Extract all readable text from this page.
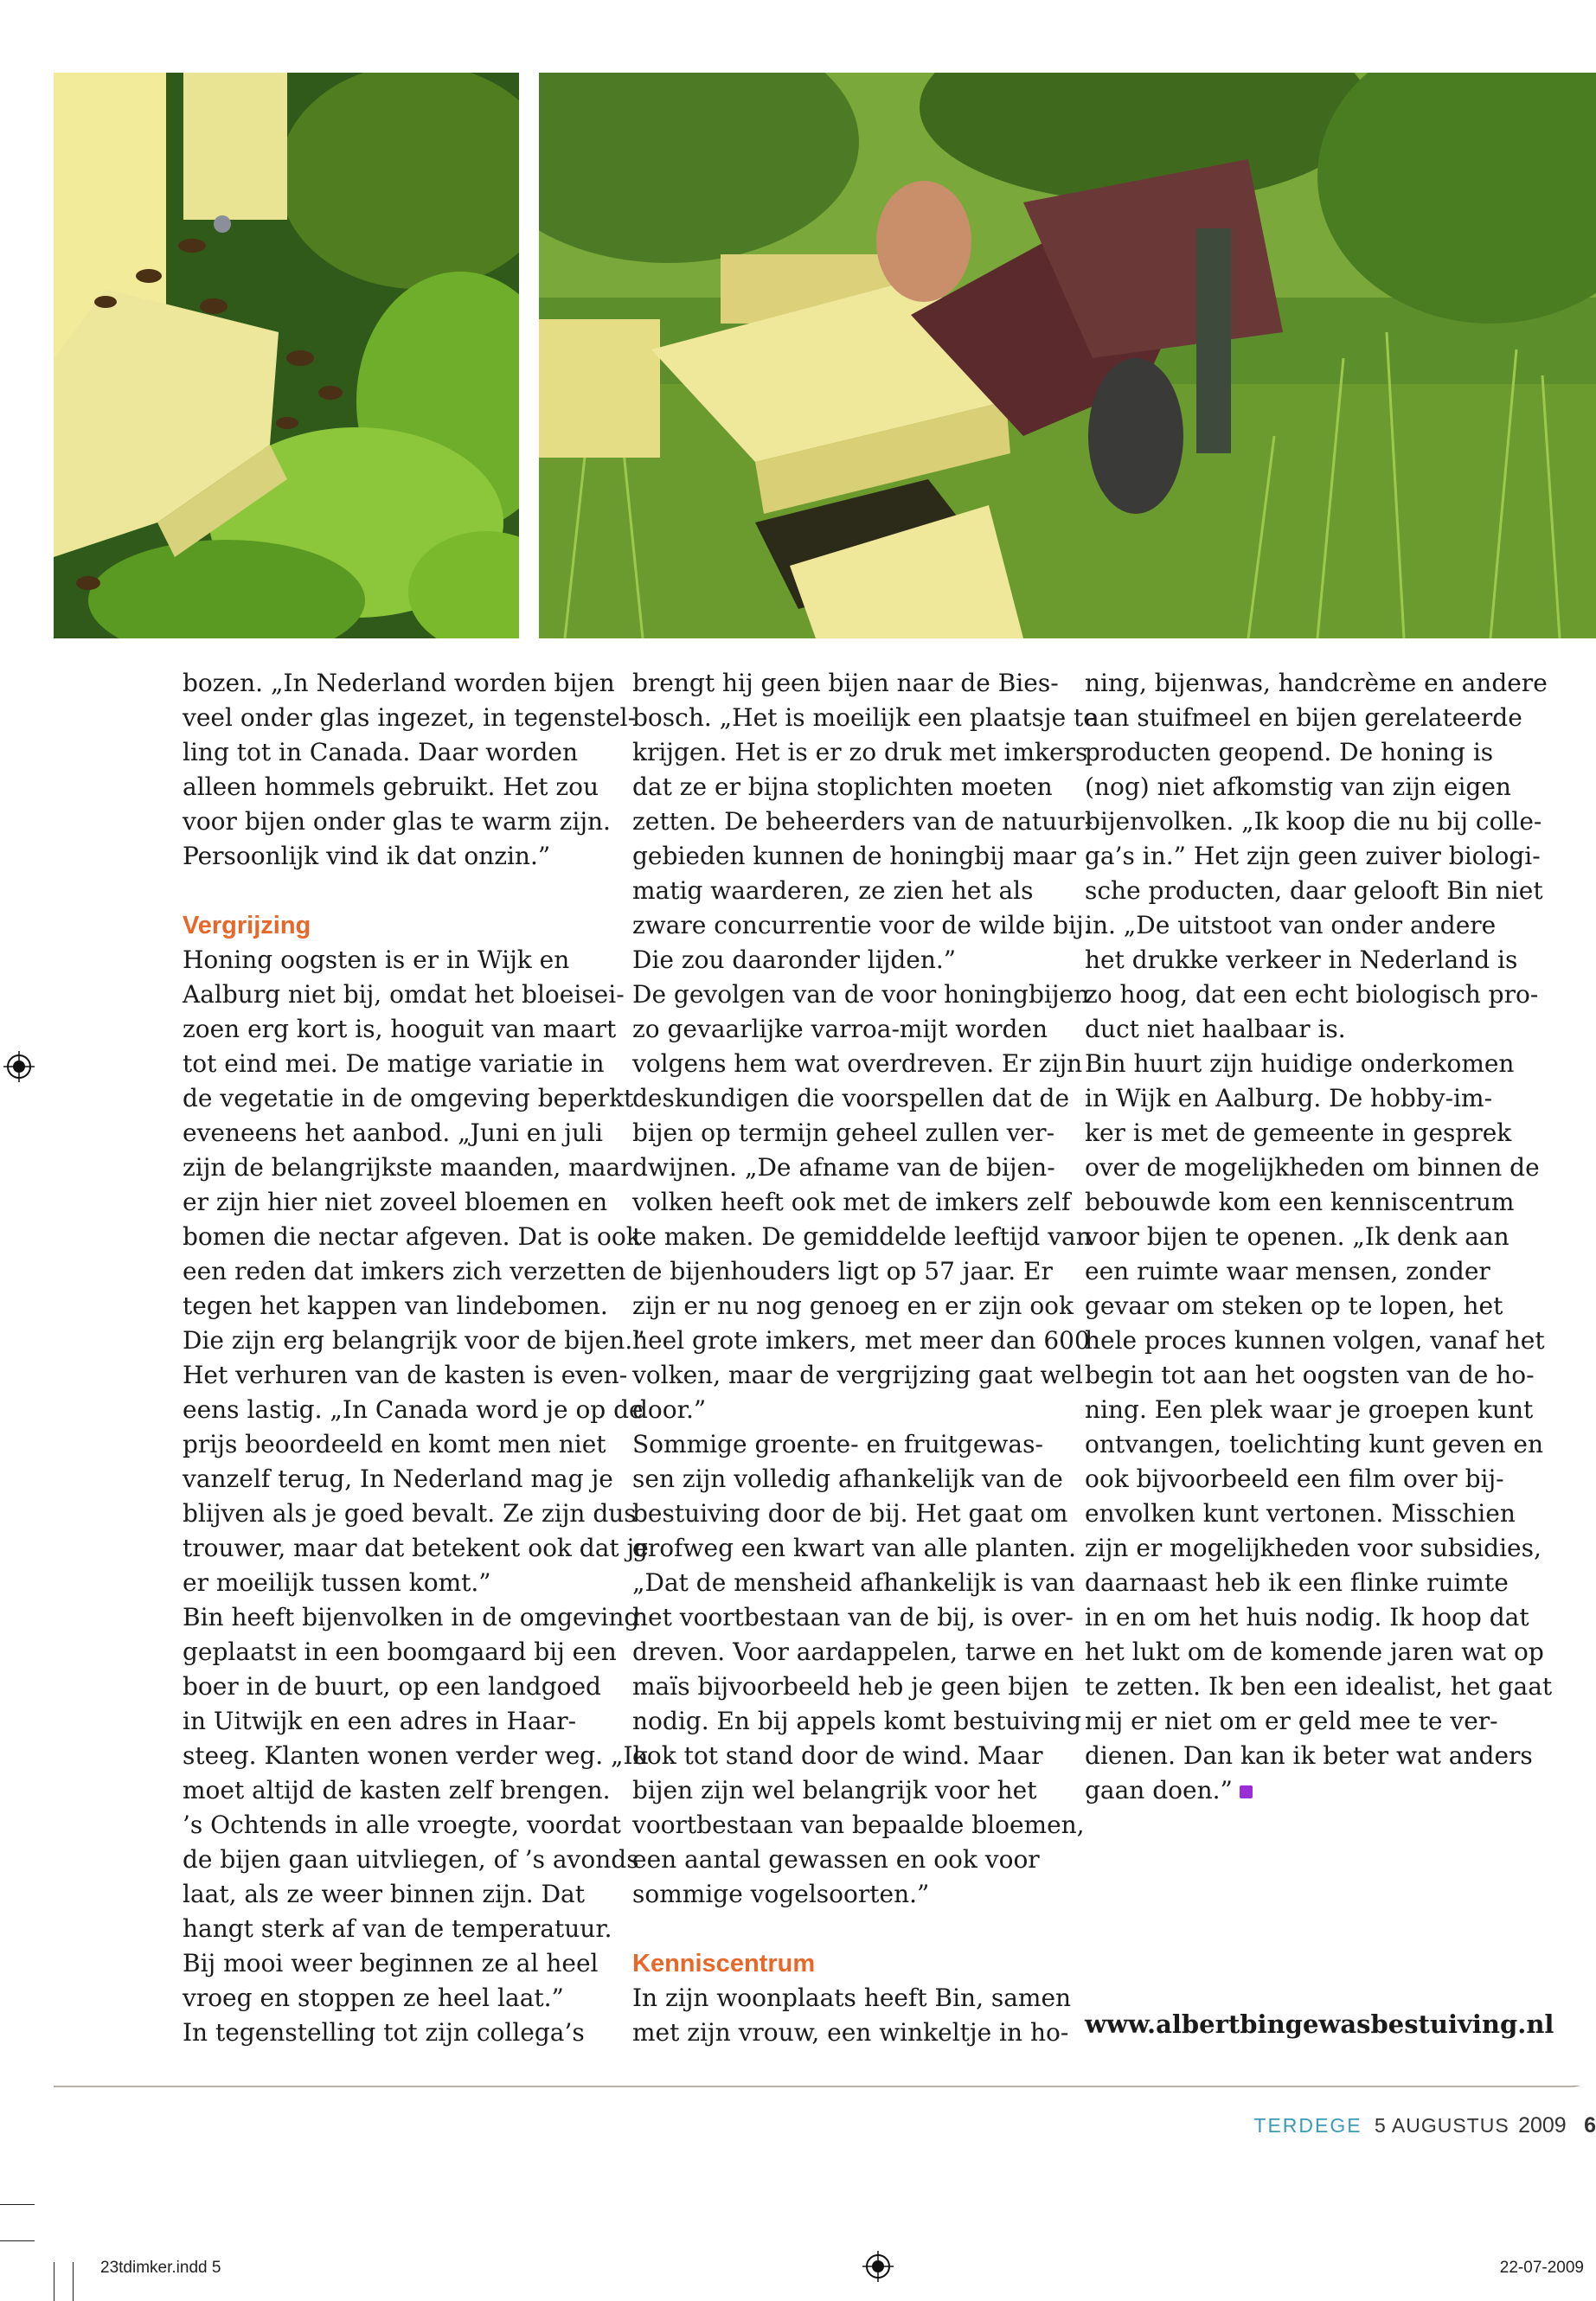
bozen. „In Nederland worden bijen
veel onder glas ingezet, in tegenstel-
ling tot in Canada. Daar worden
alleen hommels gebruikt. Het zou
voor bijen onder glas te warm zijn.
Persoonlijk vind ik dat onzin.”
Vergrijzing
Honing oogsten is er in Wijk en
Aalburg niet bij, omdat het bloeisei-
zoen erg kort is, hooguit van maart
tot eind mei. De matige variatie in
de vegetatie in de omgeving beperkt
eveneens het aanbod. „Juni en juli
zijn de belangrijkste maanden, maar
er zijn hier niet zoveel bloemen en
bomen die nectar afgeven. Dat is ook
een reden dat imkers zich verzetten
tegen het kappen van lindebomen.
Die zijn erg belangrijk voor de bijen.”
Het verhuren van de kasten is even-
eens lastig. „In Canada word je op de
prijs beoordeeld en komt men niet
vanzelf terug, In Nederland mag je
blijven als je goed bevalt. Ze zijn dus
trouwer, maar dat betekent ook dat je
er moeilijk tussen komt.”
Bin heeft bijenvolken in de omgeving
geplaatst in een boomgaard bij een
boer in de buurt, op een landgoed
in Uitwijk en een adres in Haar-
steeg. Klanten wonen verder weg. „Ik
moet altijd de kasten zelf brengen.
’s Ochtends in alle vroegte, voordat
de bijen gaan uitvliegen, of ’s avonds
laat, als ze weer binnen zijn. Dat
hangt sterk af van de temperatuur.
Bij mooi weer beginnen ze al heel
vroeg en stoppen ze heel laat.”
In tegenstelling tot zijn collega’s
brengt hij geen bijen naar de Bies-
bosch. „Het is moeilijk een plaatsje te
krijgen. Het is er zo druk met imkers
dat ze er bijna stoplichten moeten
zetten. De beheerders van de natuur-
gebieden kunnen de honingbij maar
matig waarderen, ze zien het als
zware concurrentie voor de wilde bij.
Die zou daaronder lijden.”
De gevolgen van de voor honingbijen
zo gevaarlijke varroa-mijt worden
volgens hem wat overdreven. Er zijn
deskundigen die voorspellen dat de
bijen op termijn geheel zullen ver-
dwijnen. „De afname van de bijen-
volken heeft ook met de imkers zelf
te maken. De gemiddelde leeftijd van
de bijenhouders ligt op 57 jaar. Er
zijn er nu nog genoeg en er zijn ook
heel grote imkers, met meer dan 600
volken, maar de vergrijzing gaat wel
door.”
Sommige groente- en fruitgewas-
sen zijn volledig afhankelijk van de
bestuiving door de bij. Het gaat om
grofweg een kwart van alle planten.
„Dat de mensheid afhankelijk is van
het voortbestaan van de bij, is over-
dreven. Voor aardappelen, tarwe en
maïs bijvoorbeeld heb je geen bijen
nodig. En bij appels komt bestuiving
ook tot stand door de wind. Maar
bijen zijn wel belangrijk voor het
voortbestaan van bepaalde bloemen,
een aantal gewassen en ook voor
sommige vogelsoorten.”
Kenniscentrum
In zijn woonplaats heeft Bin, samen
met zijn vrouw, een winkeltje in ho-
ning, bijenwas, handcrème en andere
aan stuifmeel en bijen gerelateerde
producten geopend. De honing is
(nog) niet afkomstig van zijn eigen
bijenvolken. „Ik koop die nu bij colle-
ga’s in.” Het zijn geen zuiver biologi-
sche producten, daar gelooft Bin niet
in. „De uitstoot van onder andere
het drukke verkeer in Nederland is
zo hoog, dat een echt biologisch pro-
duct niet haalbaar is.
Bin huurt zijn huidige onderkomen
in Wijk en Aalburg. De hobby-im-
ker is met de gemeente in gesprek
over de mogelijkheden om binnen de
bebouwde kom een kenniscentrum
voor bijen te openen. „Ik denk aan
een ruimte waar mensen, zonder
gevaar om steken op te lopen, het
hele proces kunnen volgen, vanaf het
begin tot aan het oogsten van de ho-
ning. Een plek waar je groepen kunt
ontvangen, toelichting kunt geven en
ook bijvoorbeeld een film over bij-
envolken kunt vertonen. Misschien
zijn er mogelijkheden voor subsidies,
daarnaast heb ik een flinke ruimte
in en om het huis nodig. Ik hoop dat
het lukt om de komende jaren wat op
te zetten. Ik ben een idealist, het gaat
mij er niet om er geld mee te ver-
dienen. Dan kan ik beter wat anders
gaan doen.”
www.albertbingewasbestuiving.nl
TERDEGE 5 AUGUSTUS 2009 6
23tdimker.indd 5	22-07-2009
